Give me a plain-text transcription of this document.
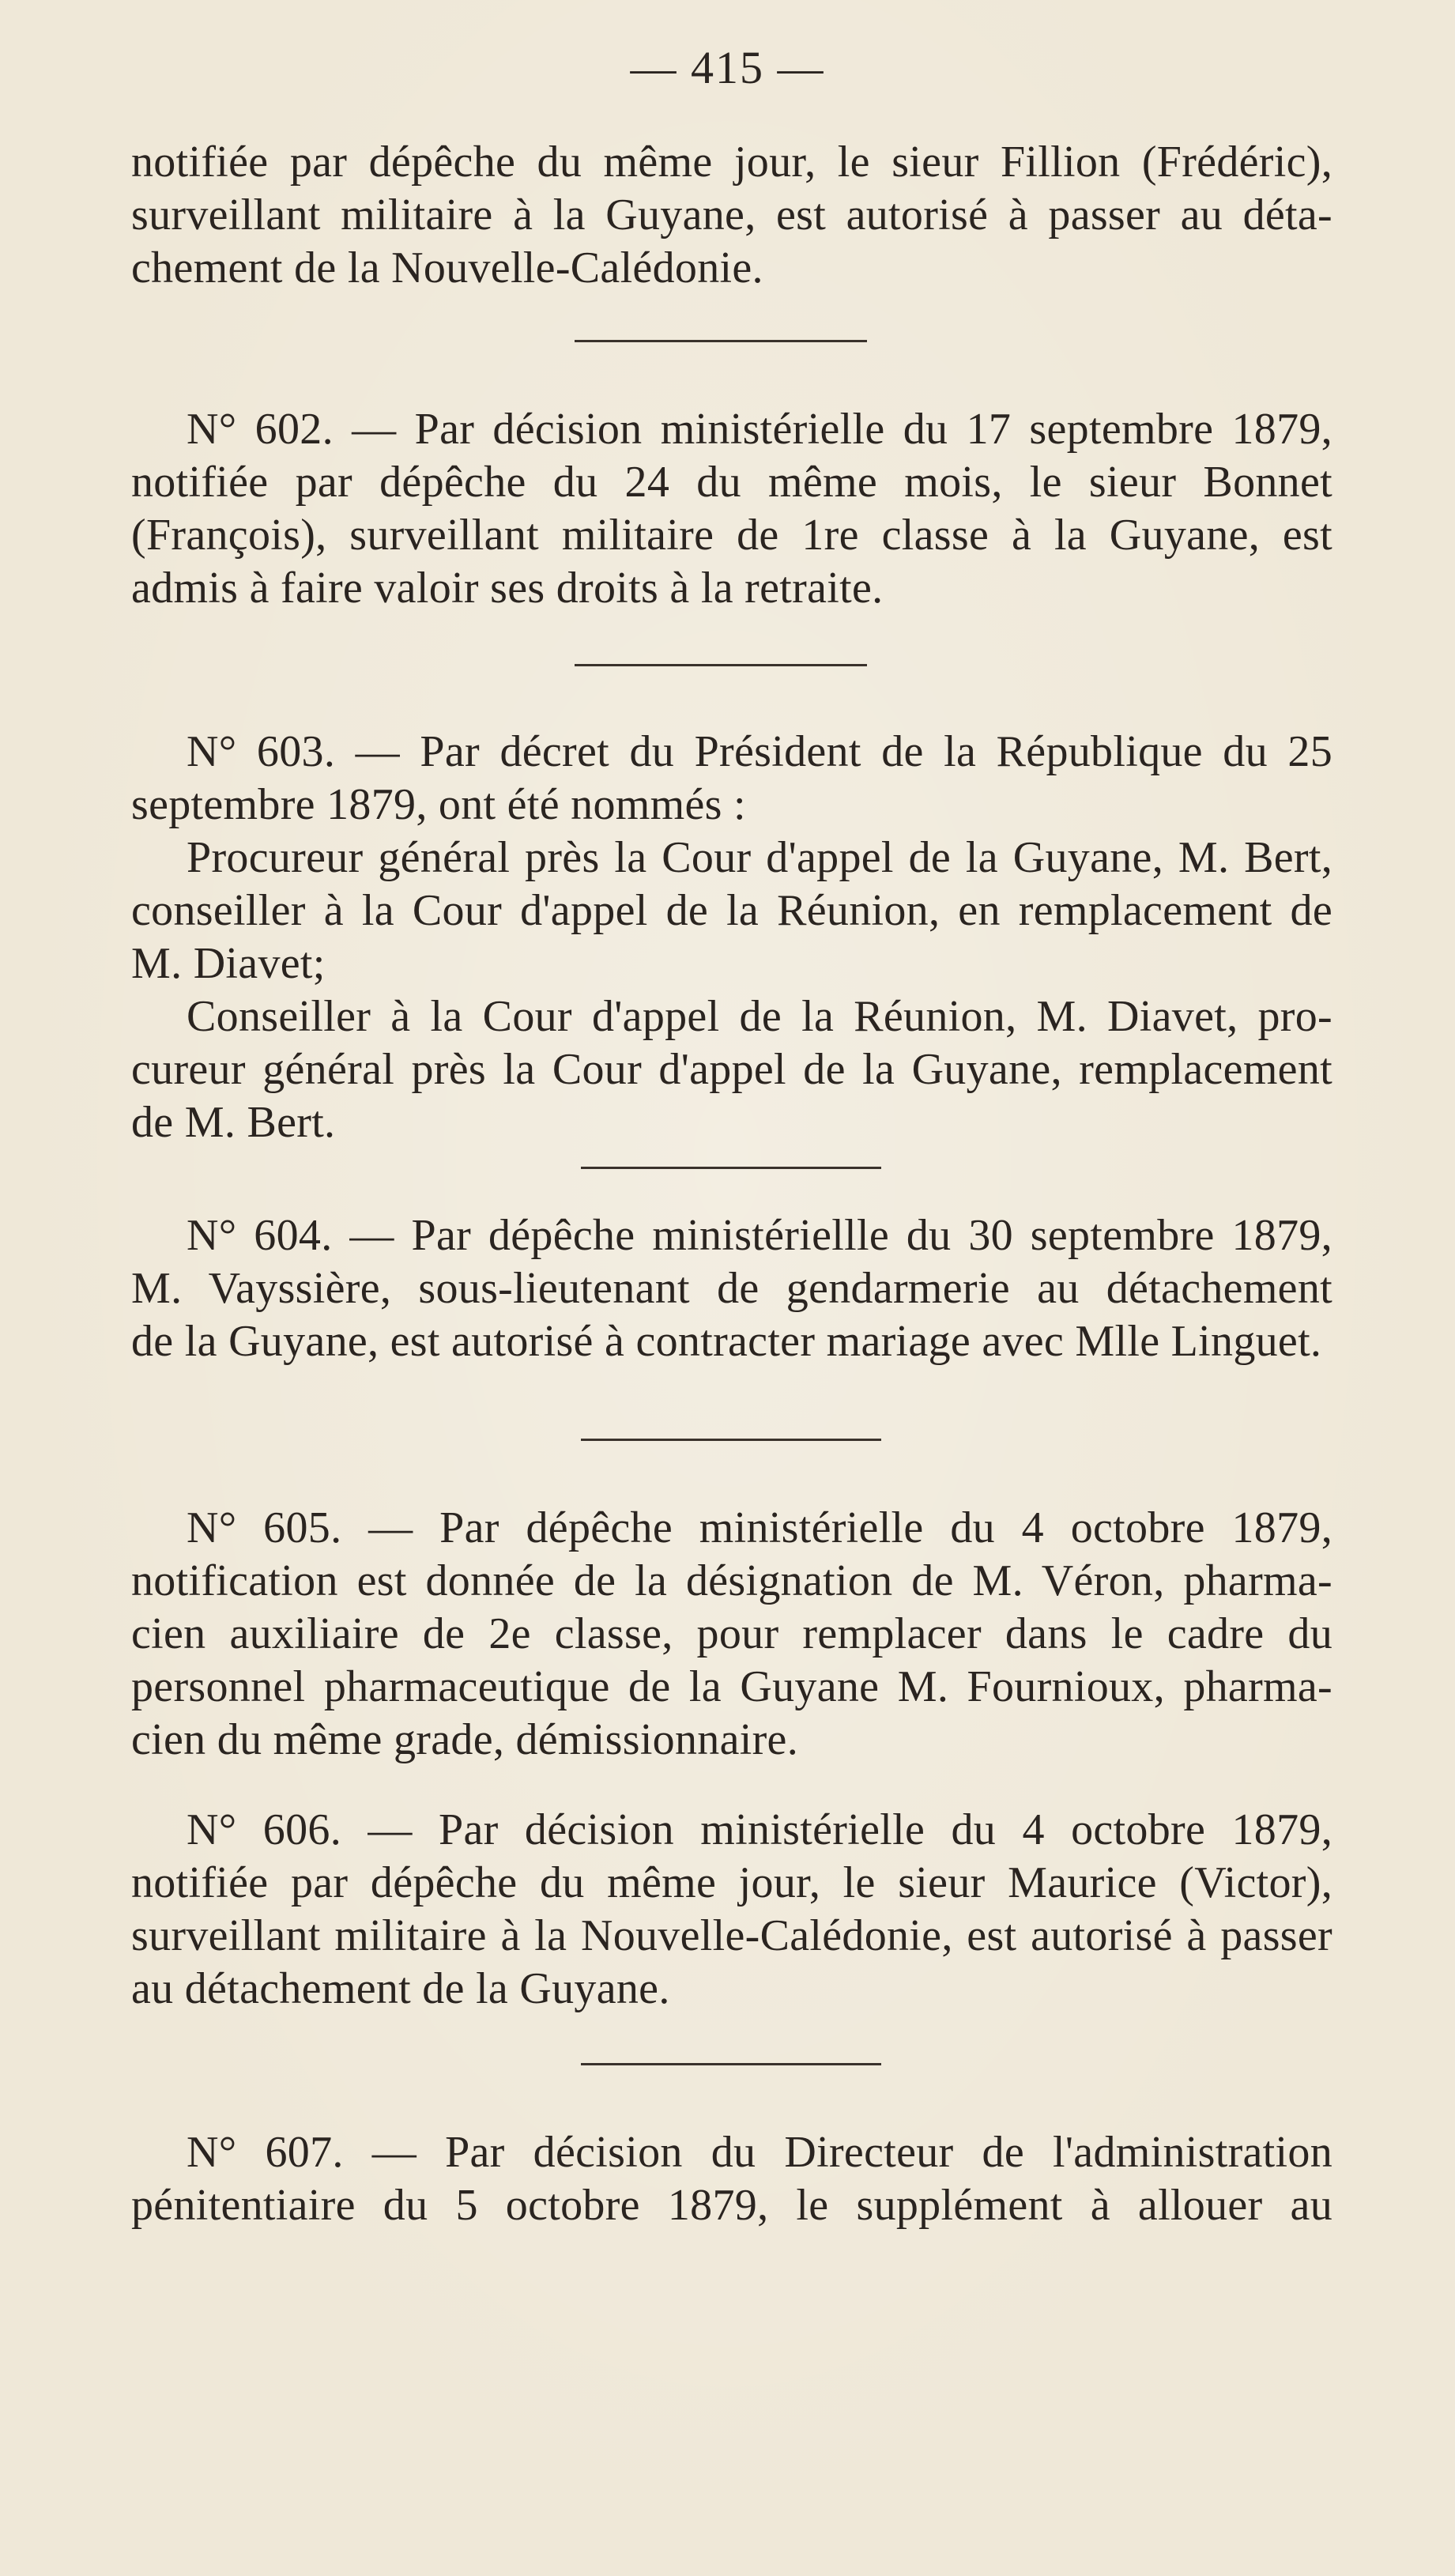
— 415 —
notifiée par dépêche du même jour, le sieur Fillion (Frédéric),
surveillant militaire à la Guyane, est autorisé à passer au déta-
chement de la Nouvelle-Calédonie.
N° 602. — Par décision ministérielle du 17 septembre 1879,
notifiée par dépêche du 24 du même mois, le sieur Bonnet
(François), surveillant militaire de 1re classe à la Guyane, est
admis à faire valoir ses droits à la retraite.
N° 603. — Par décret du Président de la République du 25
septembre 1879, ont été nommés :
Procureur général près la Cour d'appel de la Guyane, M. Bert,
conseiller à la Cour d'appel de la Réunion, en remplacement de
M. Diavet;
Conseiller à la Cour d'appel de la Réunion, M. Diavet, pro-
cureur général près la Cour d'appel de la Guyane, remplacement
de M. Bert.
N° 604. — Par dépêche ministériellle du 30 septembre 1879,
M. Vayssière, sous-lieutenant de gendarmerie au détachement
de la Guyane, est autorisé à contracter mariage avec Mlle Linguet.
N° 605. — Par dépêche ministérielle du 4 octobre 1879,
notification est donnée de la désignation de M. Véron, pharma-
cien auxiliaire de 2e classe, pour remplacer dans le cadre du
personnel pharmaceutique de la Guyane M. Fournioux, pharma-
cien du même grade, démissionnaire.
N° 606. — Par décision ministérielle du 4 octobre 1879,
notifiée par dépêche du même jour, le sieur Maurice (Victor),
surveillant militaire à la Nouvelle-Calédonie, est autorisé à passer
au détachement de la Guyane.
N° 607. — Par décision du Directeur de l'administration
pénitentiaire du 5 octobre 1879, le supplément à allouer au
